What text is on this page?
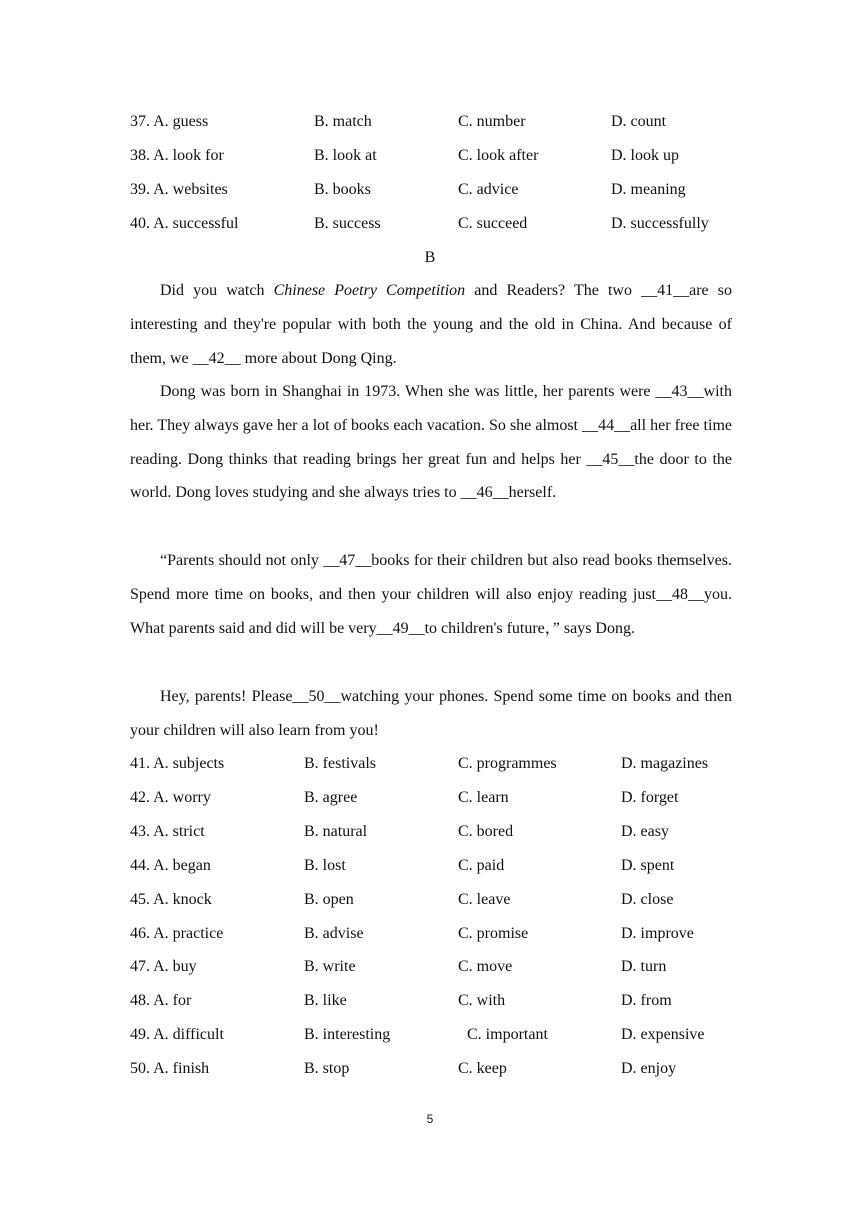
37. A. guess	B. match	C. number	D. count
38. A. look for	B. look at	C. look after	D. look up
39. A. websites	B. books	C. advice	D. meaning
40. A. successful	B. success	C. succeed	D. successfully
B

Did you watch Chinese Poetry Competition and Readers? The two __41__are so interesting and they're popular with both the young and the old in China. And because of them, we __42__ more about Dong Qing.

Dong was born in Shanghai in 1973. When she was little, her parents were __43__with her. They always gave her a lot of books each vacation. So she almost __44__all her free time reading. Dong thinks that reading brings her great fun and helps her __45__the door to the world. Dong loves studying and she always tries to __46__herself.

“Parents should not only __47__books for their children but also read books themselves. Spend more time on books, and then your children will also enjoy reading just__48__you. What parents said and did will be very__49__to children's future，” says Dong.

Hey, parents! Please__50__watching your phones. Spend some time on books and then your children will also learn from you!

41. A. subjects	B. festivals	C. programmes	D. magazines
42. A. worry	B. agree	C. learn	D. forget
43. A. strict	B. natural	C. bored	D. easy
44. A. began	B. lost	C. paid	D. spent
45. A. knock	B. open	C. leave	D. close
46. A. practice	B. advise	C. promise	D. improve
47. A. buy	B. write	C. move	D. turn
48. A. for	B. like	C. with	D. from
49. A. difficult	B. interesting	C. important	D. expensive
50. A. finish	B. stop	C. keep	D. enjoy
5
